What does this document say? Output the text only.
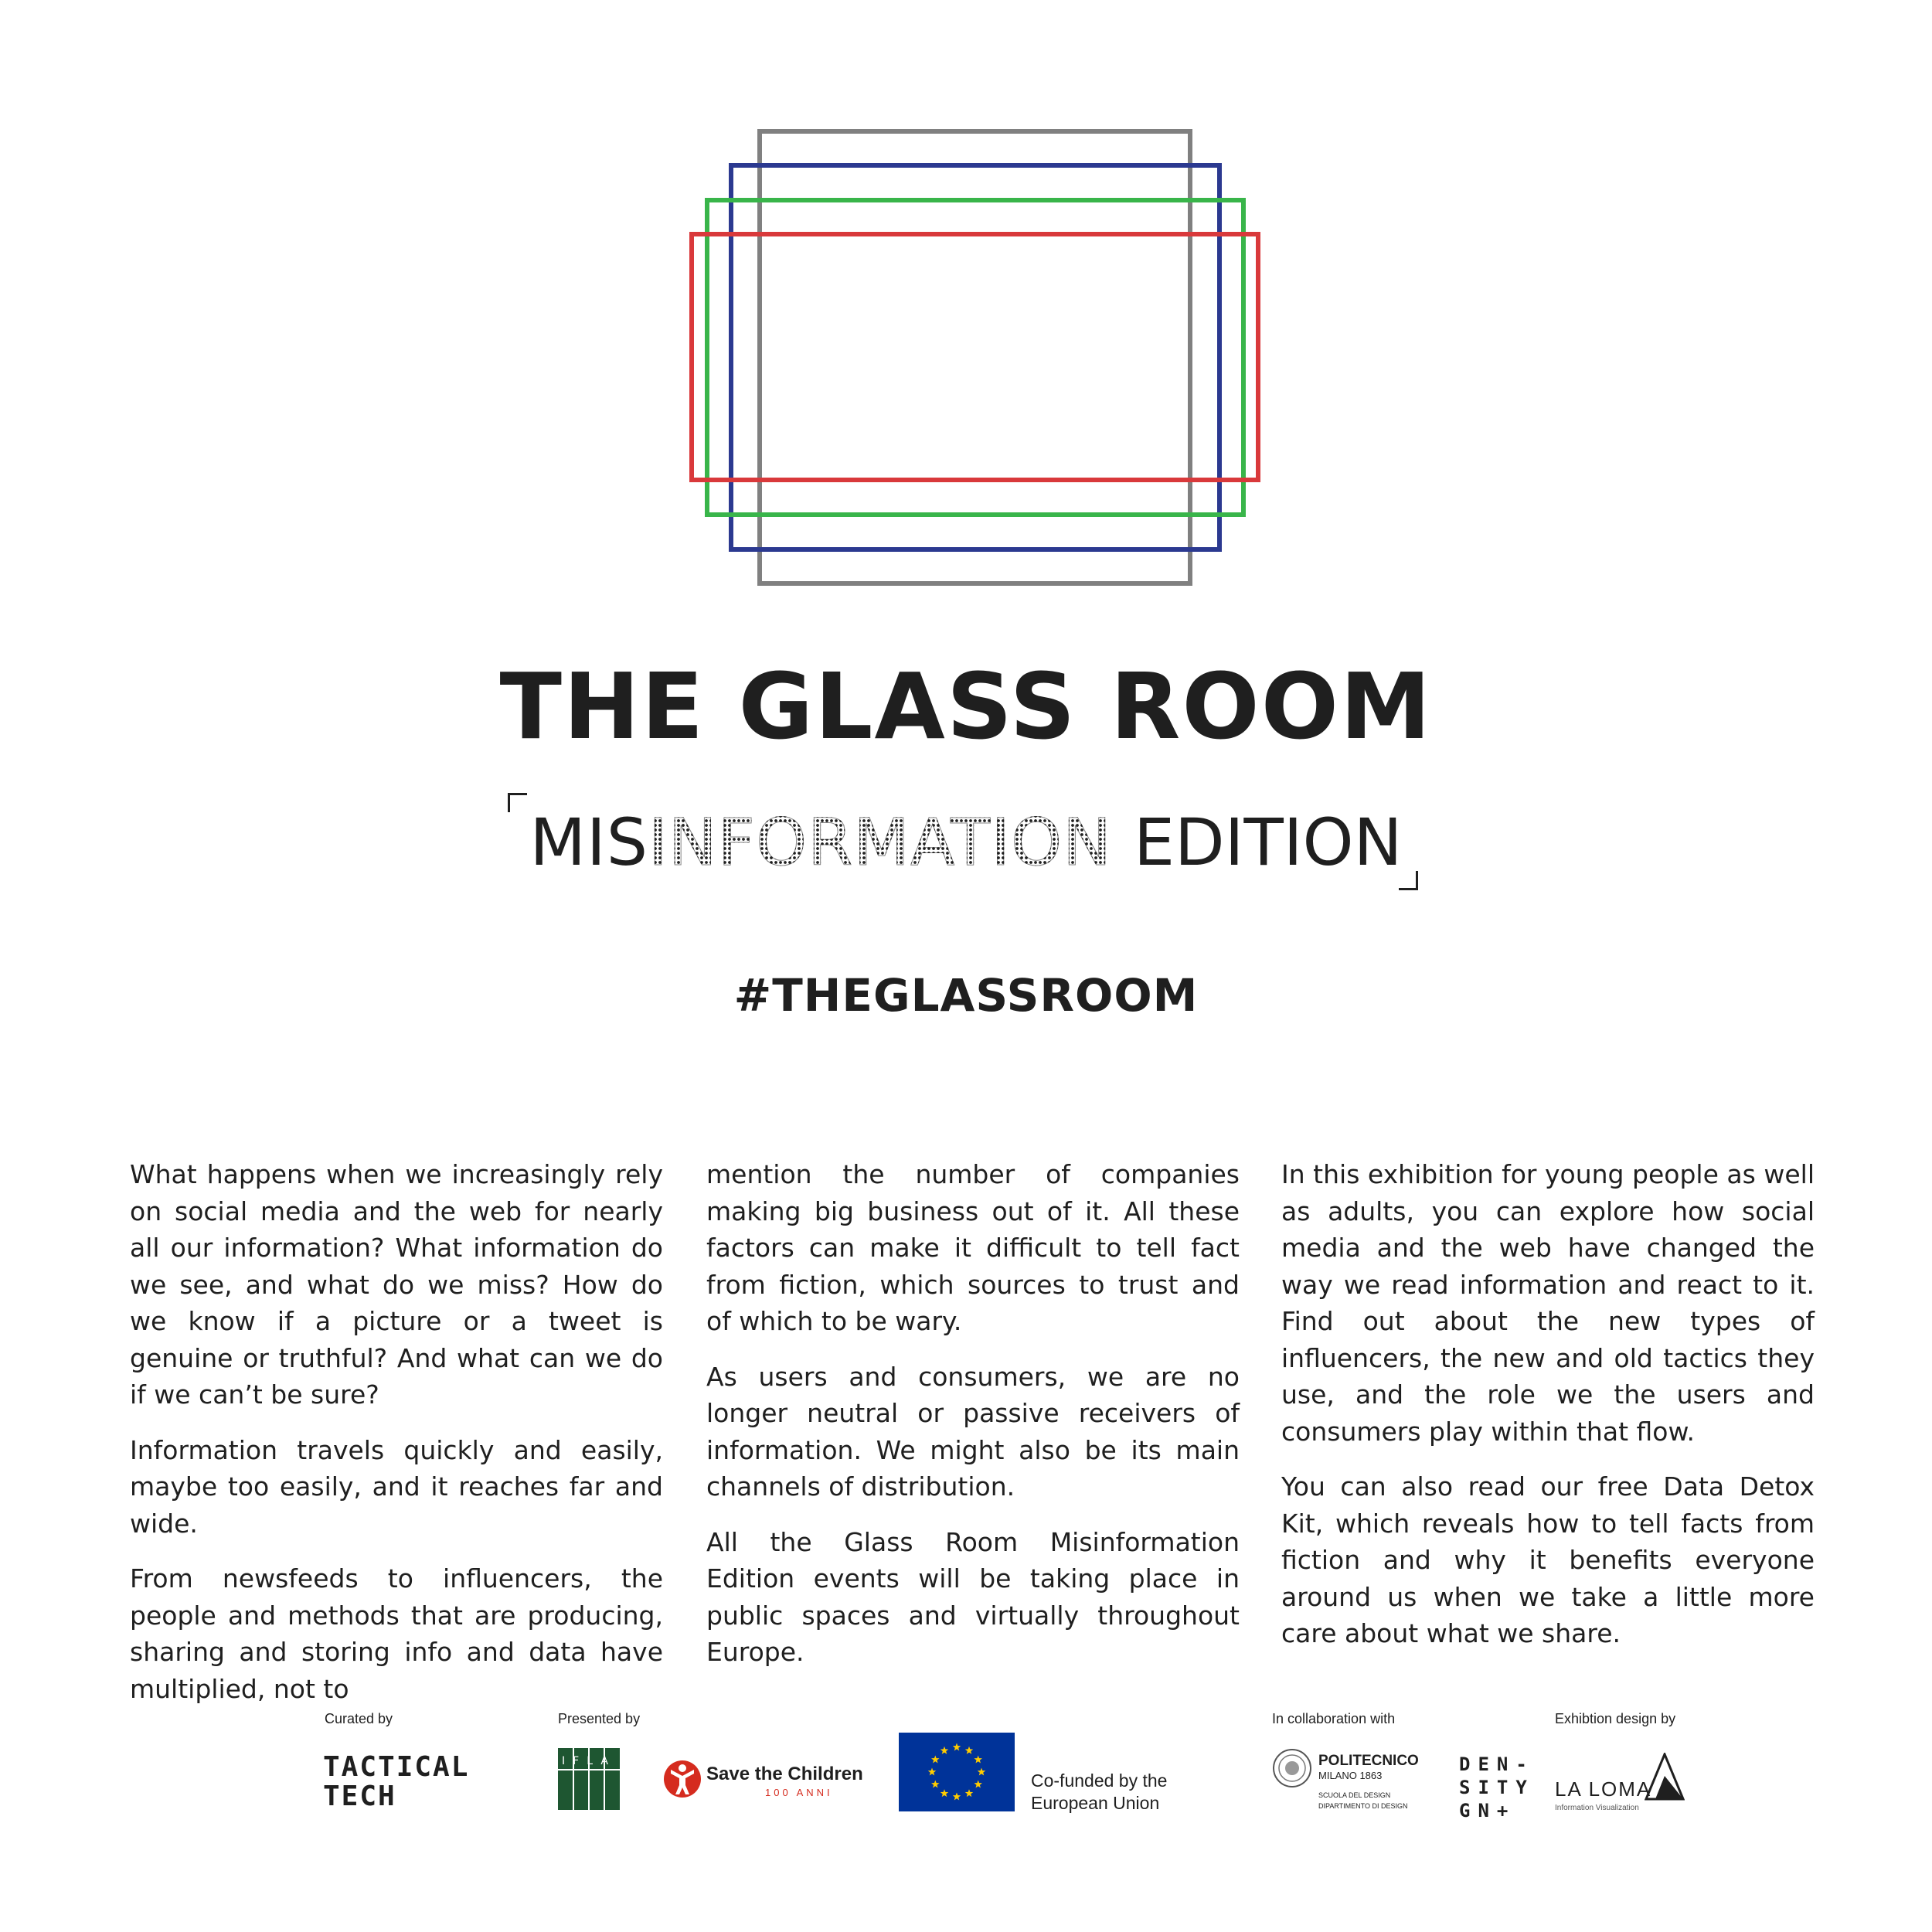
THE GLASS ROOM
MISINFORMATION EDITION
#THEGLASSROOM

What happens when we increasingly rely on social media and the web for nearly all our information? What information do we see, and what do we miss? How do we know if a picture or a tweet is genuine or truthful? And what can we do if we can’t be sure?

Information travels quickly and easily, maybe too easily, and it reaches far and wide.

From newsfeeds to influencers, the people and methods that are producing, sharing and storing info and data have multiplied, not to

mention the number of companies making big business out of it. All these factors can make it difficult to tell fact from fiction, which sources to trust and of which to be wary.

As users and consumers, we are no longer neutral or passive receivers of information. We might also be its main channels of distribution.

All the Glass Room Misinformation Edition events will be taking place in public spaces and virtually throughout Europe.

In this exhibition for young people as well as adults, you can explore how social media and the web have changed the way we read information and react to it. Find out about the new types of influencers, the new and old tactics they use, and the role we the users and consumers play within that flow.

You can also read our free Data Detox Kit, which reveals how to tell facts from fiction and why it benefits everyone around us when we take a little more care about what we share.

Curated by	Presented by	In collaboration with	Exhibtion design by
TACTICAL
TECH
IFLA
Save the Children
100 ANNI
Co-funded by the
European Union
POLITECNICO
MILANO 1863
SCUOLA DEL DESIGN
DIPARTIMENTO DI DESIGN
DEN-
SITY
GN+
LA LOMA
Information Visualization
